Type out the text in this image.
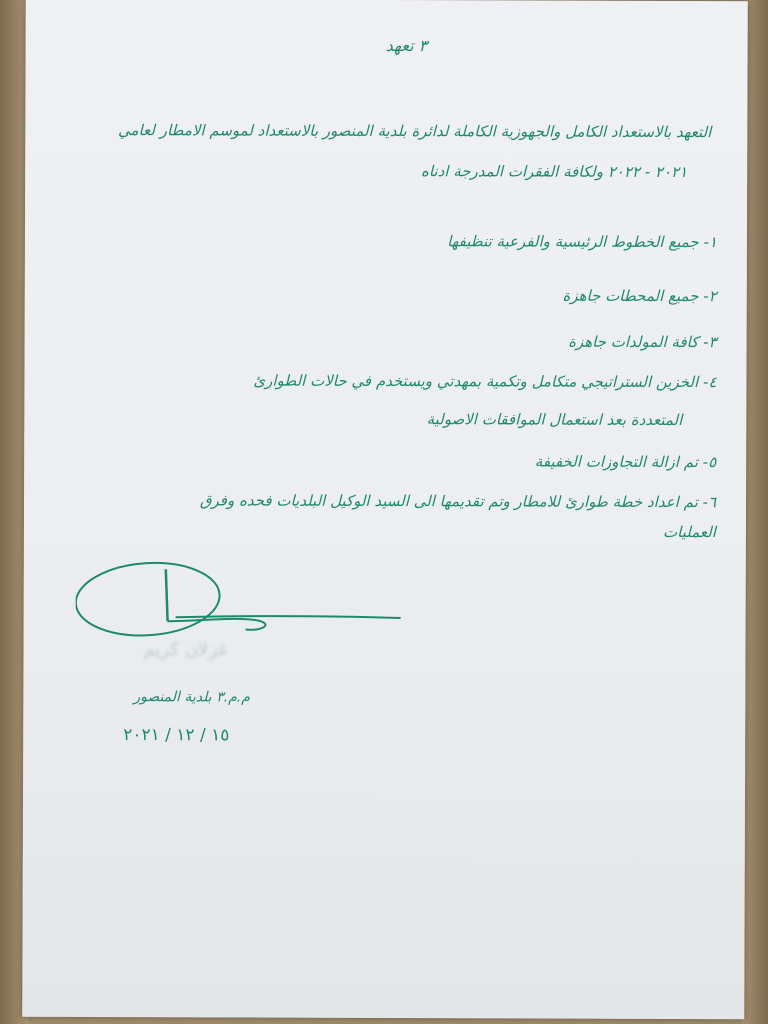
٣ تعهد
التعهد بالاستعداد الكامل والجهوزية الكاملة لدائرة بلدية المنصور بالاستعداد لموسم الامطار لعامي
٢٠٢١ - ٢٠٢٢ ولكافة الفقرات المدرجة ادناه
١- جميع الخطوط الرئيسية والفرعية تنظيفها
٢- جميع المحطات جاهزة
٣- كافة المولدات جاهزة
٤- الخزين الستراتيجي متكامل وتكمية بمهدتي ويستخدم في حالات الطوارئ
المتعددة بعد استعمال الموافقات الاصولية
٥- تم ازالة التجاوزات الخفيفة
٦- تم اعداد خطة طوارئ للامطار وتم تقديمها الى السيد الوكيل البلديات فحده وفرق
العمليات
غزلان كريم
م.م.٣ بلدية المنصور
١٥ / ١٢ / ٢٠٢١
